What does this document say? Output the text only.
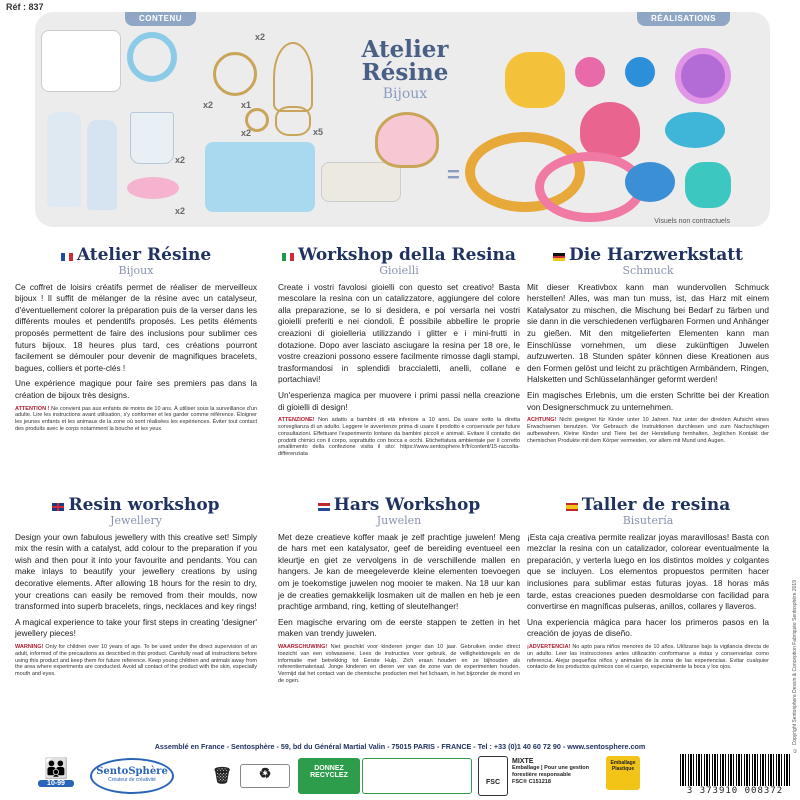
Réf : 837
CONTENU	RÉALISATIONS
x2
x2	x1
x2	x5
x2
x2
Atelier Résine
Bijoux
=
Visuels non contractuels
Atelier Résine
Bijoux

Ce coffret de loisirs créatifs permet de réaliser de merveilleux bijoux ! Il suffit de mélanger de la résine avec un catalyseur, d'éventuellement colorer la préparation puis de la verser dans les différents moules et pendentifs proposés. Les petits éléments proposés permettent de faire des inclusions pour sublimer ces futurs bijoux. 18 heures plus tard, ces créations pourront facilement se démouler pour devenir de magnifiques bracelets, bagues, colliers et porte-clés !

Une expérience magique pour faire ses premiers pas dans la création de bijoux très designs.

ATTENTION ! Ne convient pas aux enfants de moins de 10 ans. À utiliser sous la surveillance d'un adulte. Lire les instructions avant utilisation, s'y conformer et les garder comme référence. Éloigner les jeunes enfants et les animaux de la zone où sont réalisées les expériences. Éviter tout contact des produits avec le corps notamment la bouche et les yeux.
Workshop della Resina
Gioielli

Create i vostri favolosi gioielli con questo set creativo! Basta mescolare la resina con un catalizzatore, aggiungere del colore alla preparazione, se lo si desidera, e poi versarla nei vostri gioielli preferiti e nei ciondoli. È possibile abbellire le proprie creazioni di gioielleria utilizzando i glitter e i mini-frutti in dotazione. Dopo aver lasciato asciugare la resina per 18 ore, le vostre creazioni possono essere facilmente rimosse dagli stampi, trasformandosi in splendidi braccialetti, anelli, collane e portachiavi!

Un'esperienza magica per muovere i primi passi nella creazione di gioielli di design!

ATTENZIONE! Non adatto a bambini di età inferiore a 10 anni. Da usare sotto la diretta sorveglianza di un adulto. Leggere le avvertenze prima di usare il prodotto e conservarle per future consultazioni. Effettuare l'esperimento lontano da bambini piccoli e animali. Evitare il contatto dei prodotti chimici con il corpo, soprattutto con bocca e occhi. Etichettatura ambientale per il corretto smaltimento della confezione visita il sito: https://www.sentosphere.fr/fr/content/15-raccolta-differenziata
Die Harzwerkstatt
Schmuck

Mit dieser Kreativbox kann man wundervollen Schmuck herstellen! Alles, was man tun muss, ist, das Harz mit einem Katalysator zu mischen, die Mischung bei Bedarf zu färben und sie dann in die verschiedenen verfügbaren Formen und Anhänger zu gießen. Mit den mitgelieferten Elementen kann man Einschlüsse vornehmen, um diese zukünftigen Juwelen aufzuwerten. 18 Stunden später können diese Kreationen aus den Formen gelöst und leicht zu prächtigen Armbändern, Ringen, Halsketten und Schlüsselanhänger geformt werden!

Ein magisches Erlebnis, um die ersten Schritte bei der Kreation von Designerschmuck zu unternehmen.

ACHTUNG! Nicht geeignet für Kinder unter 10 Jahren. Nur unter der direkten Aufsicht eines Erwachsenen benutzen. Vor Gebrauch die Instruktionen durchlesen und zum Nachschlagen aufbewahren. Kleine Kinder und Tiere bei der Herstellung fernhalten. Jeglichen Kontakt der chemischen Produkte mit dem Körper vermeiden, vor allem mit Mund und Augen.
Resin workshop
Jewellery

Design your own fabulous jewellery with this creative set! Simply mix the resin with a catalyst, add colour to the preparation if you wish and then pour it into your favourite and pendants. You can make inlays to beautify your jewellery creations by using decorative elements. After allowing 18 hours for the resin to dry, your creations can easily be removed from their moulds, now transformed into superb bracelets, rings, necklaces and key rings!

A magical experience to take your first steps in creating 'designer' jewellery pieces!

WARNING! Only for children over 10 years of age. To be used under the direct supervision of an adult, informed of the precautions as described in this product. Carefully read all instructions before using this product and keep them for future reference. Keep young children and animals away from the area where experiments are conducted. Avoid all contact of the product with the skin, especially mouth and eyes.
Hars Workshop
Juwelen

Met deze creatieve koffer maak je zelf prachtige juwelen! Meng de hars met een katalysator, geef de bereiding eventueel een kleurtje en giet ze vervolgens in de verschillende mallen en hangers. Je kan de meegeleverde kleine elementen toevoegen om je toekomstige juwelen nog mooier te maken. Na 18 uur kan je de creaties gemakkelijk losmaken uit de mallen en heb je een prachtige armband, ring, ketting of sleutelhanger!

Een magische ervaring om de eerste stappen te zetten in het maken van trendy juwelen.

WAARSCHUWING! Niet geschikt voor kinderen jonger dan 10 jaar. Gebruiken onder direct toezicht van een volwassene. Lees de instructies voor gebruik, de veiligheidsregels en de informatie met betrekking tot Eerste Hulp. Zich eraan houden en ze bijhouden als referentiemateriaal. Jonge kinderen en dieren ver van de zone van de experimenten houden. Vermijd dat het contact van de chemische producten met het lichaam, in het bijzonder de mond en de ogen.
Taller de resina
Bisutería

¡Esta caja creativa permite realizar joyas maravillosas! Basta con mezclar la resina con un catalizador, colorear eventualmente la preparación, y verterla luego en los distintos moldes y colgantes que se incluyen. Los elementos propuestos permiten hacer inclusiones para sublimar estas futuras joyas. 18 horas más tarde, estas creaciones pueden desmoldarse con facilidad para convertirse en magníficas pulseras, anillos, collares y llaveros.

Una experiencia mágica para hacer los primeros pasos en la creación de joyas de diseño.

¡ADVERTENCIA! No apto para niños menores de 10 años. Utilizarse bajo la vigilancia directa de un adulto. Leer las instrucciones antes utilización conformarse a éstas y conservarlas como referencia. Alejar pequeños niños y animales de la zona de las experiencias. Evitar cualquier contacto de los productos químicos con el cuerpo, especialmente la boca y los ojos.	© Copyright Sentosphere Dessin & Conception Fabriquée Sentosphère 2019
Assemblé en France - Sentosphère - 59, bd du Général Martial Valin - 75015 PARIS - FRANCE - Tel : +33 (0)1 40 60 72 90 - www.sentosphere.com
👪
10-99
SentoSphère
Créateur de créativité	🗑	♻	DONNEZ
RECYCLEZ
FSC
MIXTE
Emballage | Pour une gestion
forestière responsable
FSC® C151218
Emballage Plastique
3 373910 008372
